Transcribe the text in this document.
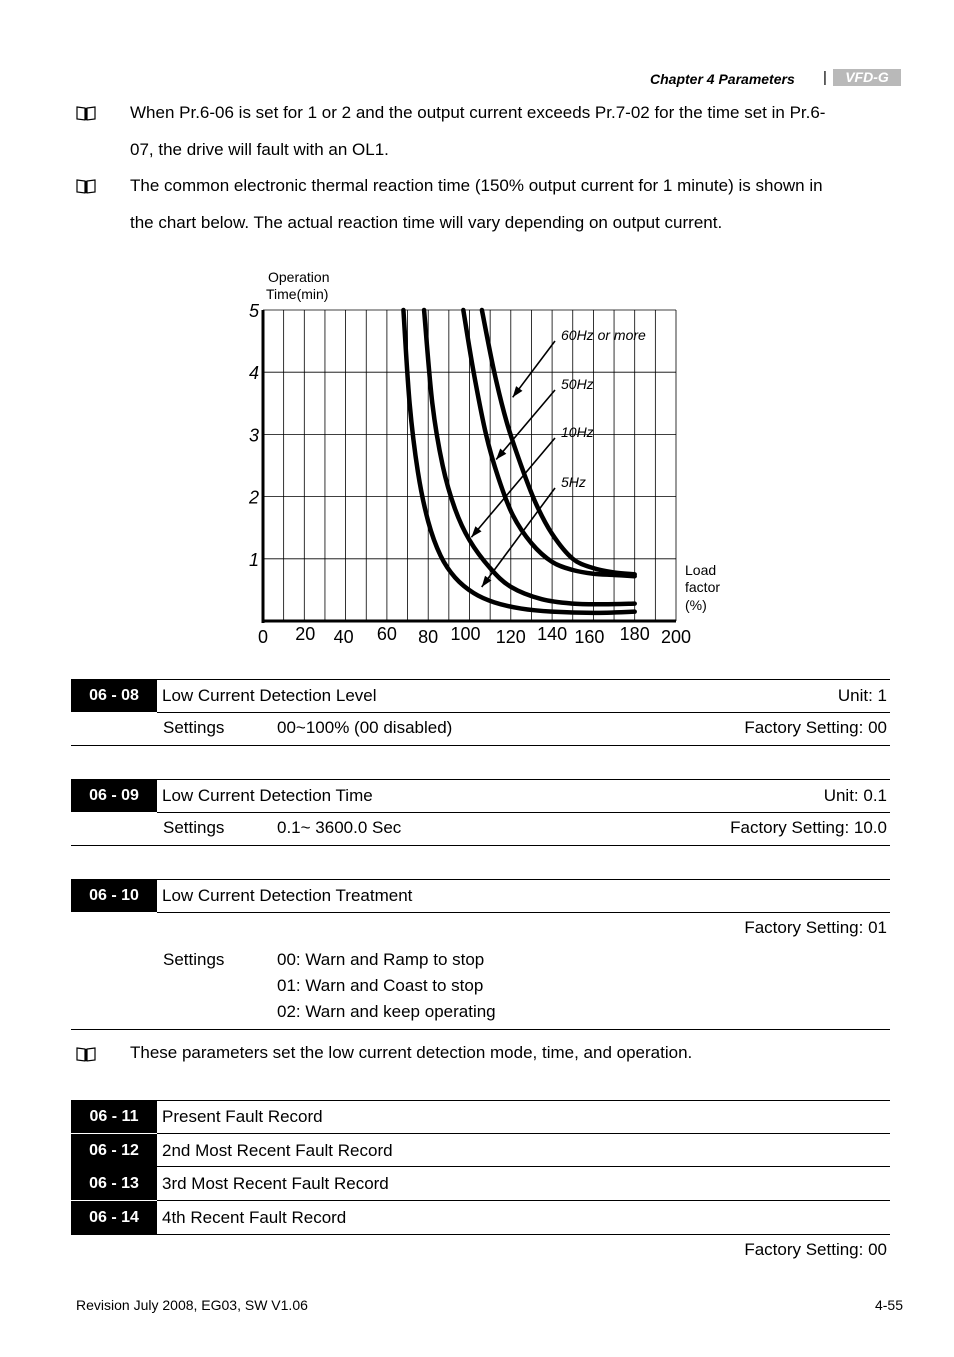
Chapter 4 Parameters |	VFD-G
When Pr.6-06 is set for 1 or 2 and the output current exceeds Pr.7-02 for the time set in Pr.6-
07, the drive will fault with an OL1.
The common electronic thermal reaction time (150% output current for 1 minute) is shown in
the chart below. The actual reaction time will vary depending on output current.
Operation
Time(min)
Load
factor
(%)
0 20 40 60 80 100 120 140 160 180 200
1
2
3
4
5
60Hz or more
50Hz
10Hz
5Hz
06 - 08	Low Current Detection Level	Unit: 1
Settings	00~100% (00 disabled)	Factory Setting: 00
06 - 09	Low Current Detection Time	Unit: 0.1
Settings	0.1~ 3600.0 Sec	Factory Setting: 10.0
06 - 10	Low Current Detection Treatment
Factory Setting: 01
Settings	00: Warn and Ramp to stop
01: Warn and Coast to stop
02: Warn and keep operating
These parameters set the low current detection mode, time, and operation.
06 - 11	Present Fault Record
06 - 12	2nd Most Recent Fault Record
06 - 13	3rd Most Recent Fault Record
06 - 14	4th Recent Fault Record
Factory Setting: 00
Revision July 2008, EG03, SW V1.06	4-55
